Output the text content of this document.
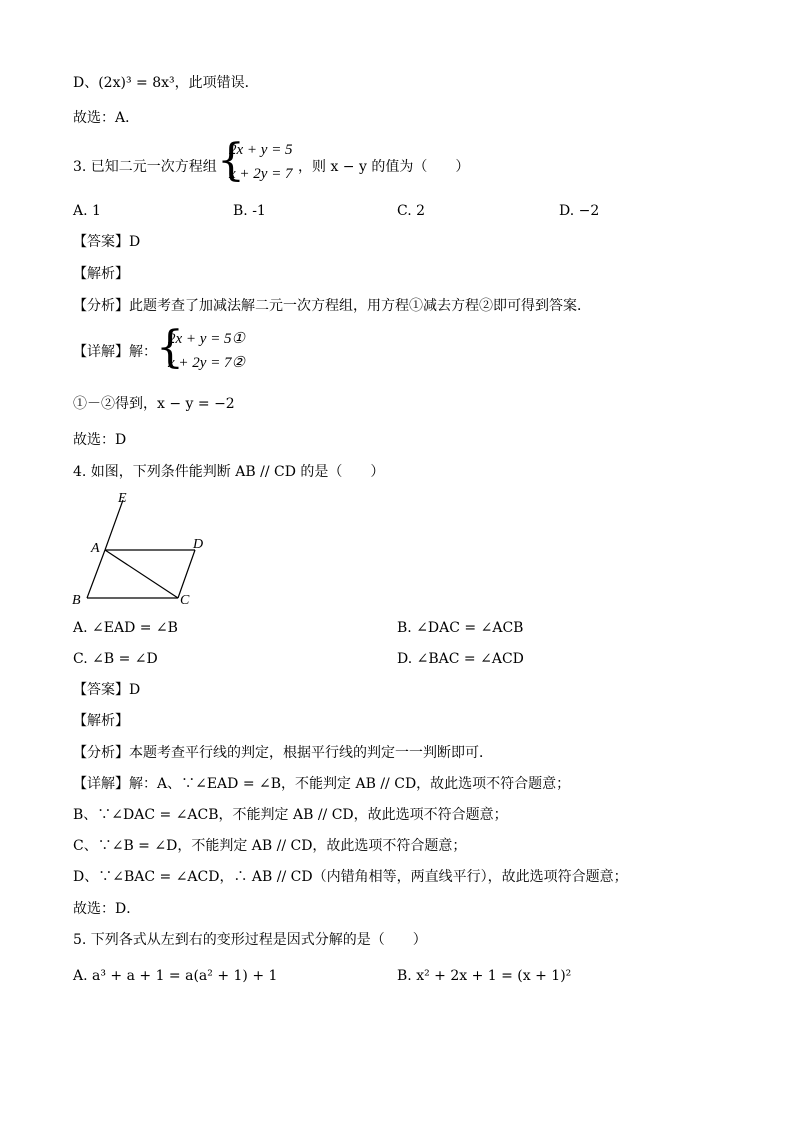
D、(2x)³ = 8x³，此项错误．
故选：A．
3. 已知二元一次方程组 {
2x + y = 5
x + 2y = 7 ，则 x − y 的值为（　　）
A. 1	B. -1	C. 2	D. −2
【答案】D
【解析】
【分析】此题考查了加减法解二元一次方程组，用方程①减去方程②即可得到答案．
【详解】解： {
2x + y = 5①
x + 2y = 7②
①－②得到，x − y = −2
故选：D
4. 如图，下列条件能判断 AB // CD 的是（　　）
E
A	D
B	C
A. ∠EAD = ∠B	B. ∠DAC = ∠ACB
C. ∠B = ∠D	D. ∠BAC = ∠ACD
【答案】D
【解析】
【分析】本题考查平行线的判定，根据平行线的判定一一判断即可．
【详解】解：A、∵∠EAD = ∠B，不能判定 AB // CD，故此选项不符合题意；
B、∵∠DAC = ∠ACB，不能判定 AB // CD，故此选项不符合题意；
C、∵∠B = ∠D，不能判定 AB // CD，故此选项不符合题意；
D、∵∠BAC = ∠ACD，∴ AB // CD（内错角相等，两直线平行），故此选项符合题意；
故选：D．
5. 下列各式从左到右的变形过程是因式分解的是（　　）
A. a³ + a + 1 = a(a² + 1) + 1	B. x² + 2x + 1 = (x + 1)²
